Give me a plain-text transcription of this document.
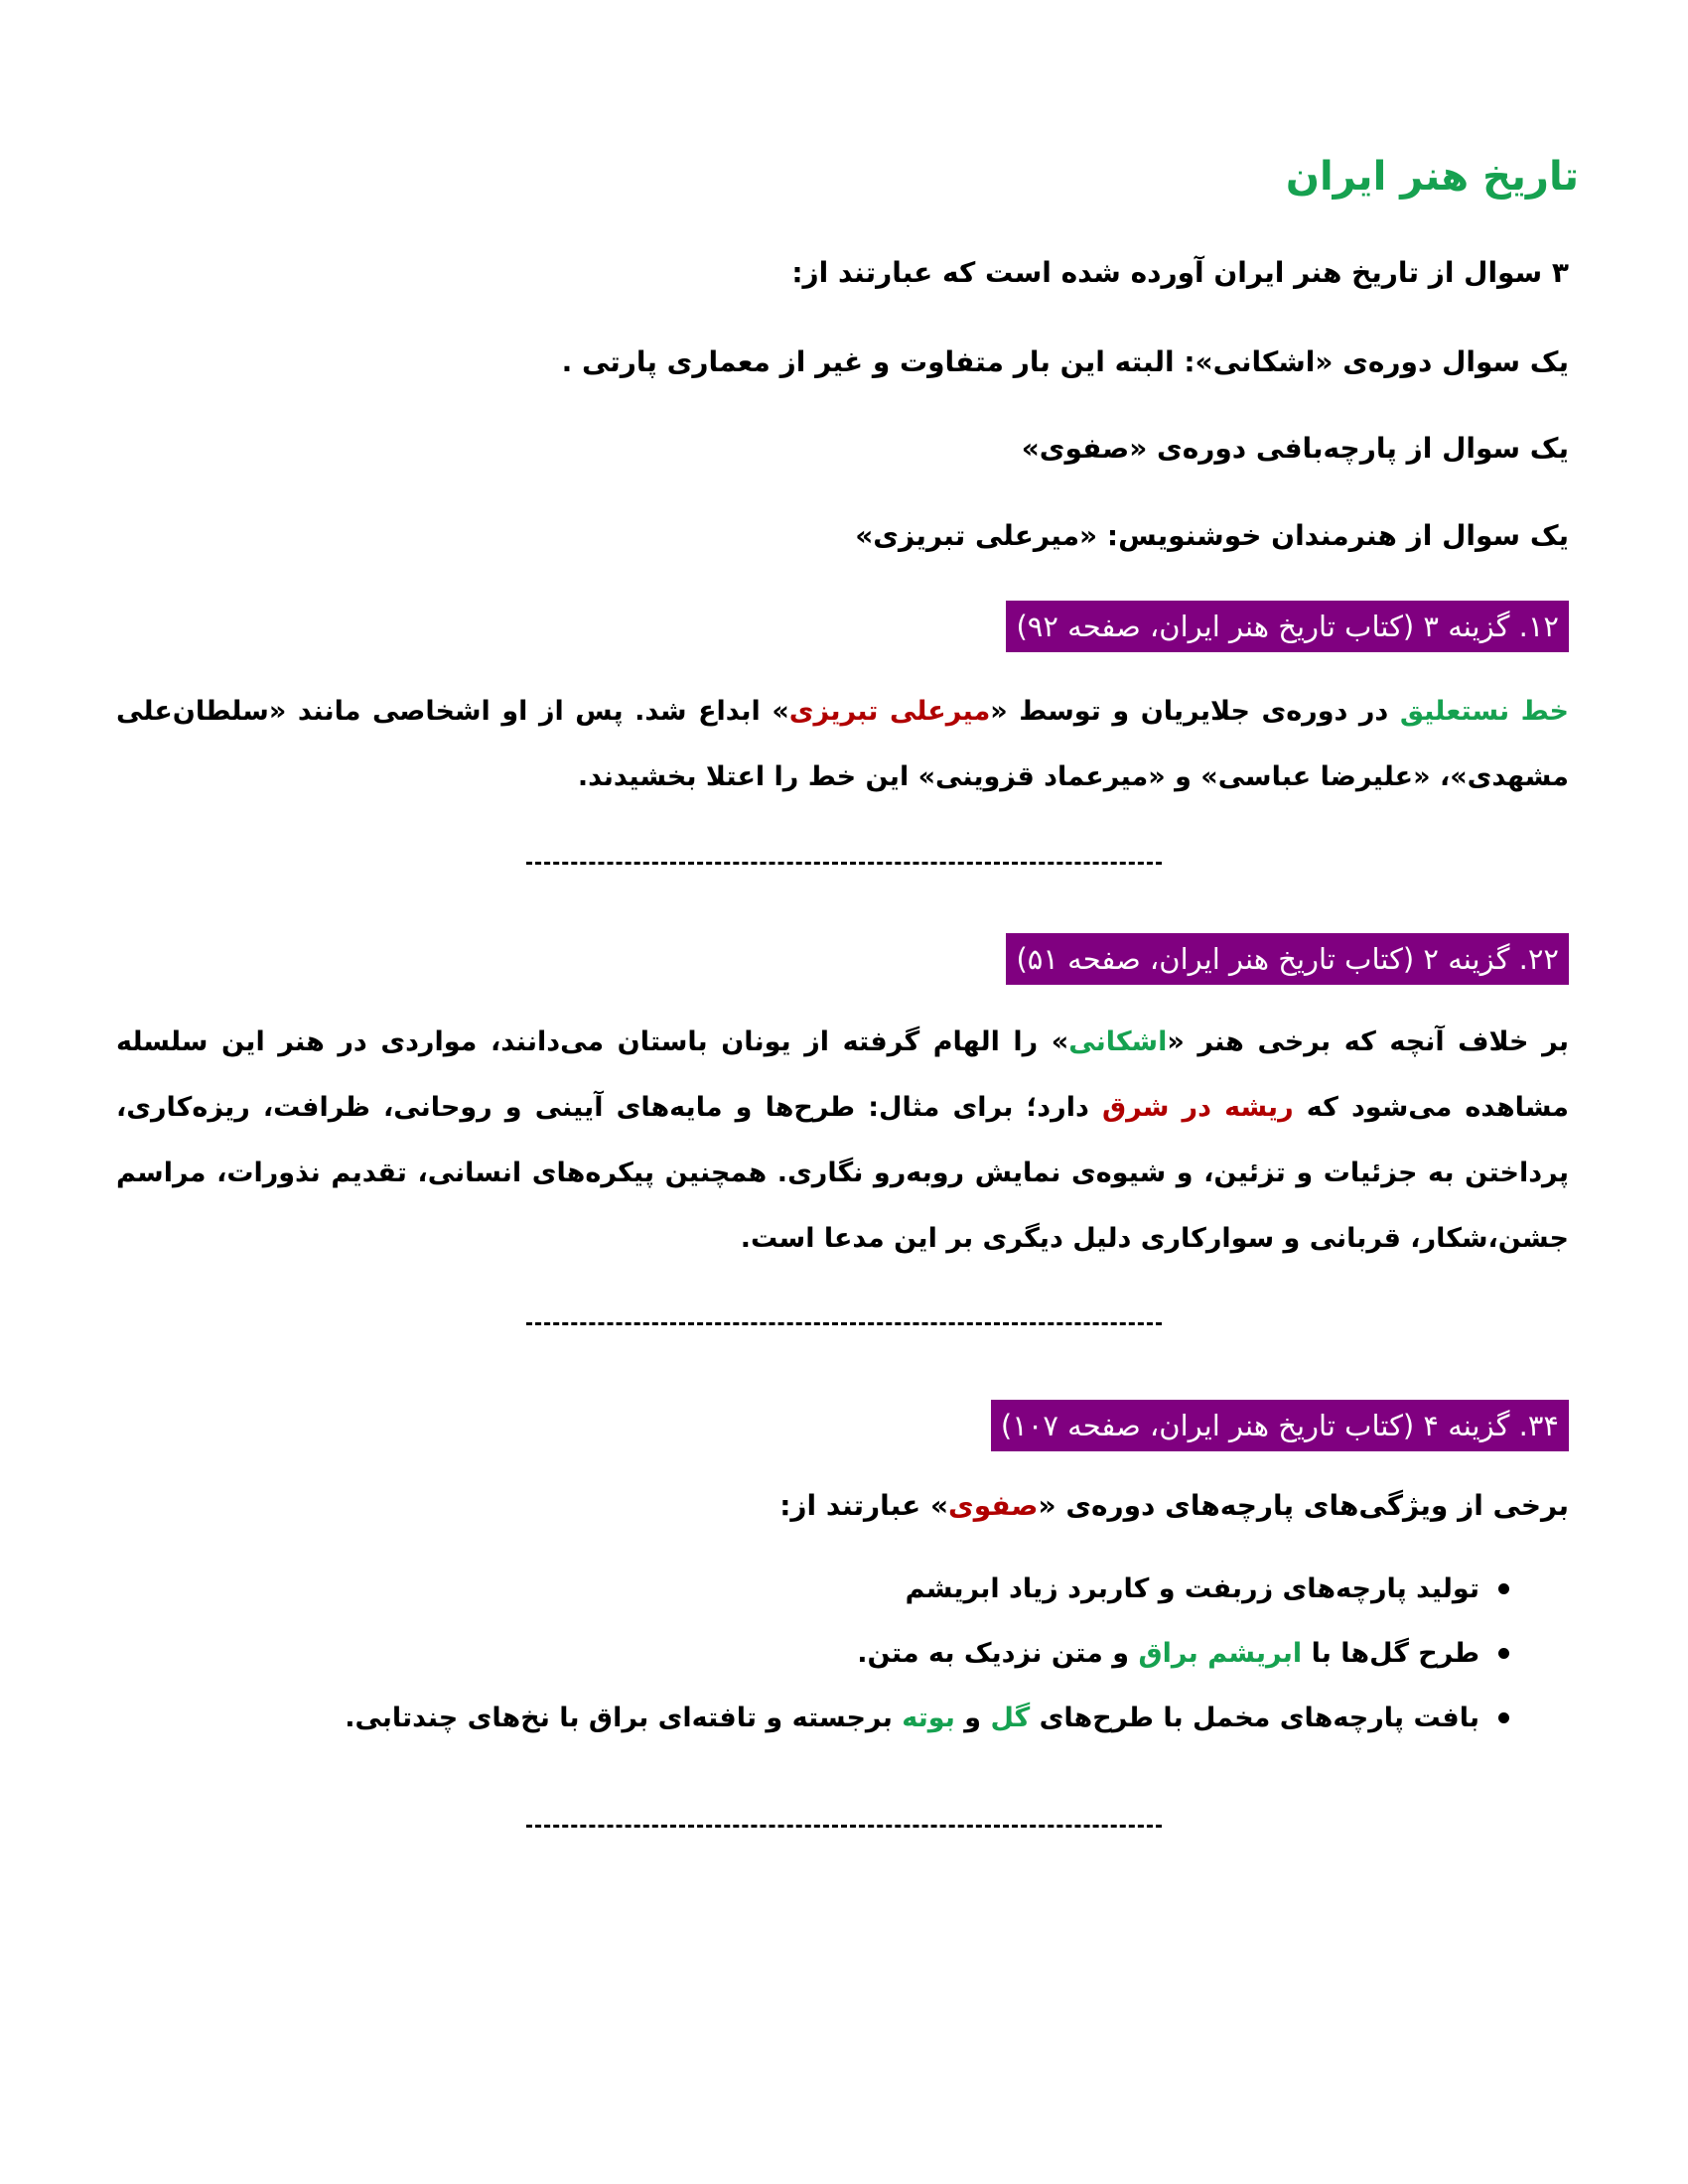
تاریخ هنر ایران
۳ سوال از تاریخ هنر ایران آورده شده است که عبارتند از:
یک سوال دوره‌ی «اشکانی»: البته این بار متفاوت و غیر از معماری پارتی .
یک سوال از پارچه‌بافی دوره‌ی «صفوی»
یک سوال از هنرمندان خوشنویس: «میرعلی تبریزی»
۱۲. گزینه ۳ (کتاب تاریخ هنر ایران، صفحه ۹۲)
خط نستعلیق در دوره‌ی جلایریان و توسط «میرعلی تبریزی» ابداع شد. پس از او اشخاصی مانند «سلطان‌علی مشهدی»، «علیرضا عباسی» و «میرعماد قزوینی» این خط را اعتلا بخشیدند.
۲۲. گزینه ۲ (کتاب تاریخ هنر ایران، صفحه ۵۱)
بر خلاف آنچه که برخی هنر «اشکانی» را الهام گرفته از یونان باستان می‌دانند، مواردی در هنر این سلسله مشاهده می‌شود که ریشه در شرق دارد؛ برای مثال: طرح‌ها و مایه‌های آیینی و روحانی، ظرافت، ریزه‌کاری، پرداختن به جزئیات و تزئین، و شیوه‌ی نمایش روبه‌رو نگاری. همچنین پیکره‌های انسانی، تقدیم نذورات، مراسم جشن،شکار، قربانی و سوارکاری دلیل دیگری بر این مدعا است.
۳۴. گزینه ۴ (کتاب تاریخ هنر ایران، صفحه ۱۰۷)
برخی از ویژگی‌های پارچه‌های دوره‌ی «صفوی» عبارتند از:
تولید پارچه‌های زربفت و کاربرد زیاد ابریشم
طرح گل‌ها با ابریشم براق و متن نزدیک به متن.
بافت پارچه‌های مخمل با طرح‌های گل و بوته برجسته و تافته‌ای براق با نخ‌های چندتابی.
